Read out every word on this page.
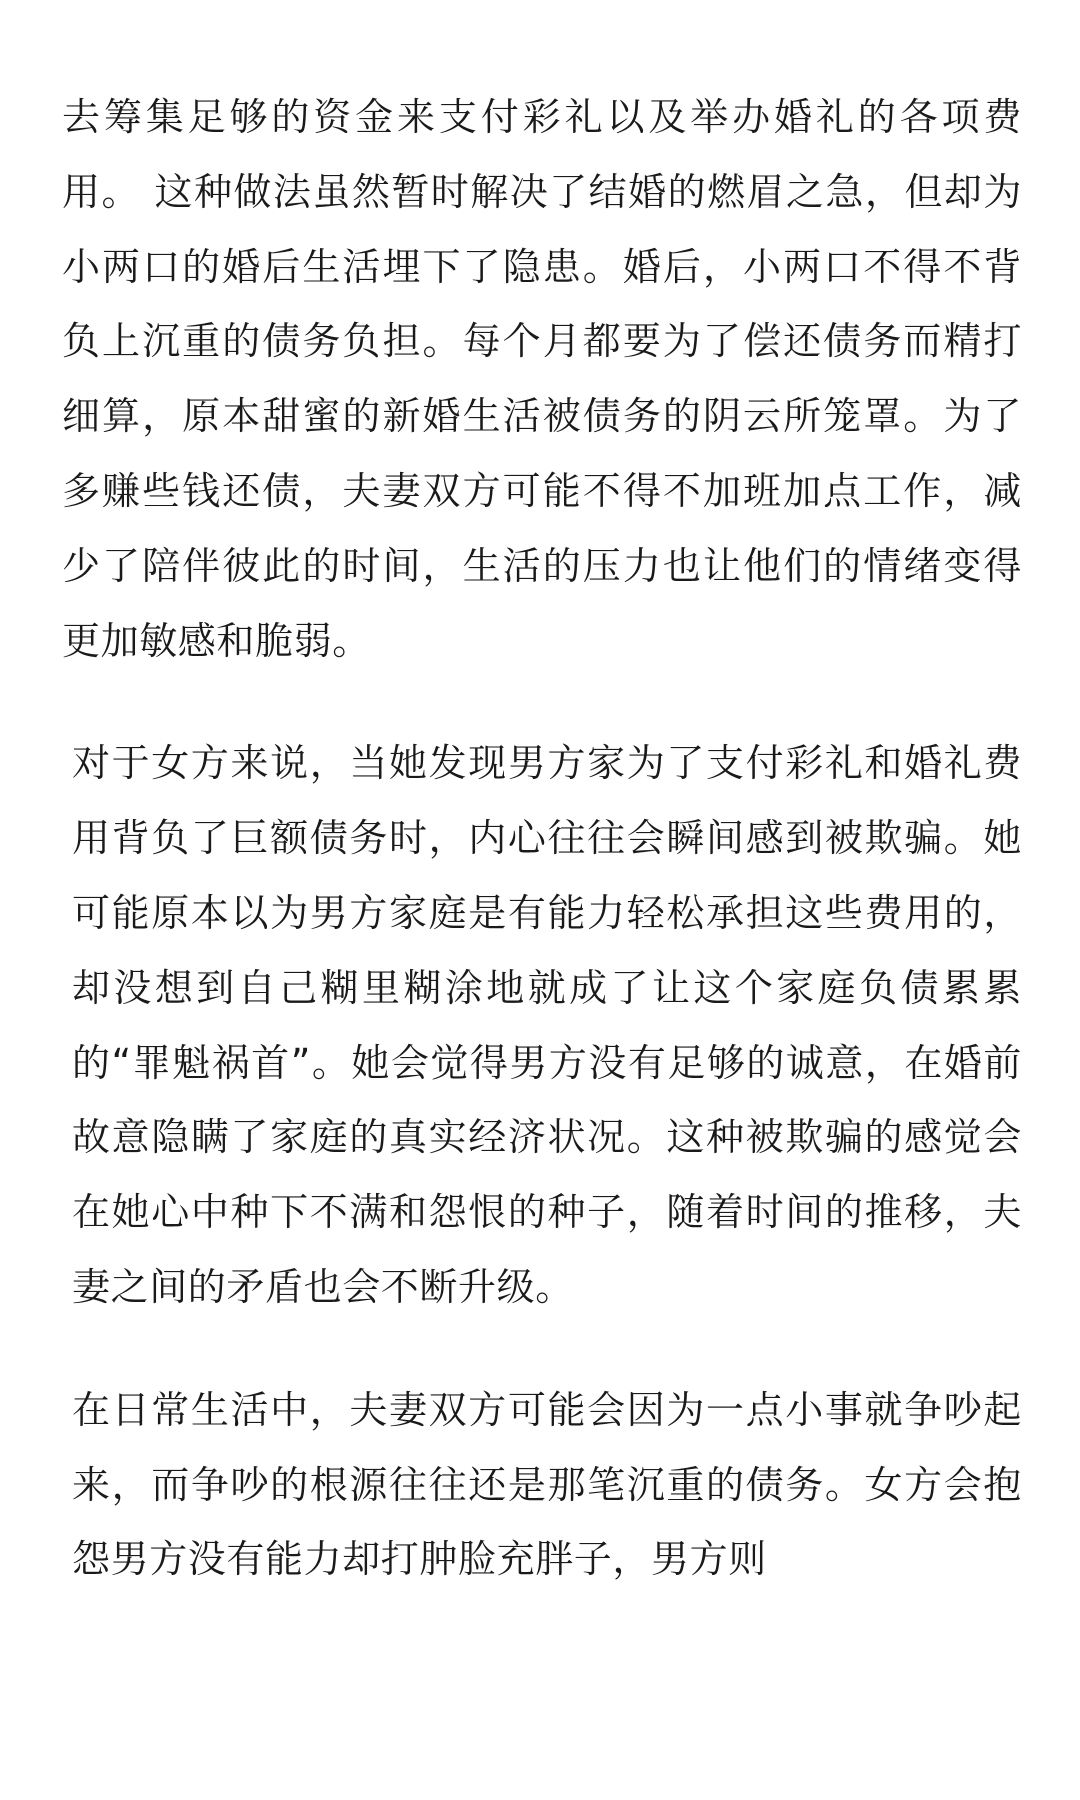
去筹集足够的资金来支付彩礼以及举办婚礼的各项费用。 这种做法虽然暂时解决了结婚的燃眉之急，但却为小两口的婚后生活埋下了隐患。婚后，小两口不得不背负上沉重的债务负担。每个月都要为了偿还债务而精打细算，原本甜蜜的新婚生活被债务的阴云所笼罩。为了多赚些钱还债，夫妻双方可能不得不加班加点工作，减少了陪伴彼此的时间，生活的压力也让他们的情绪变得更加敏感和脆弱。

对于女方来说，当她发现男方家为了支付彩礼和婚礼费用背负了巨额债务时，内心往往会瞬间感到被欺骗。她可能原本以为男方家庭是有能力轻松承担这些费用的，却没想到自己糊里糊涂地就成了让这个家庭负债累累的“罪魁祸首”。她会觉得男方没有足够的诚意，在婚前故意隐瞒了家庭的真实经济状况。这种被欺骗的感觉会在她心中种下不满和怨恨的种子，随着时间的推移，夫妻之间的矛盾也会不断升级。

在日常生活中，夫妻双方可能会因为一点小事就争吵起来，而争吵的根源往往还是那笔沉重的债务。女方会抱怨男方没有能力却打肿脸充胖子，男方则
